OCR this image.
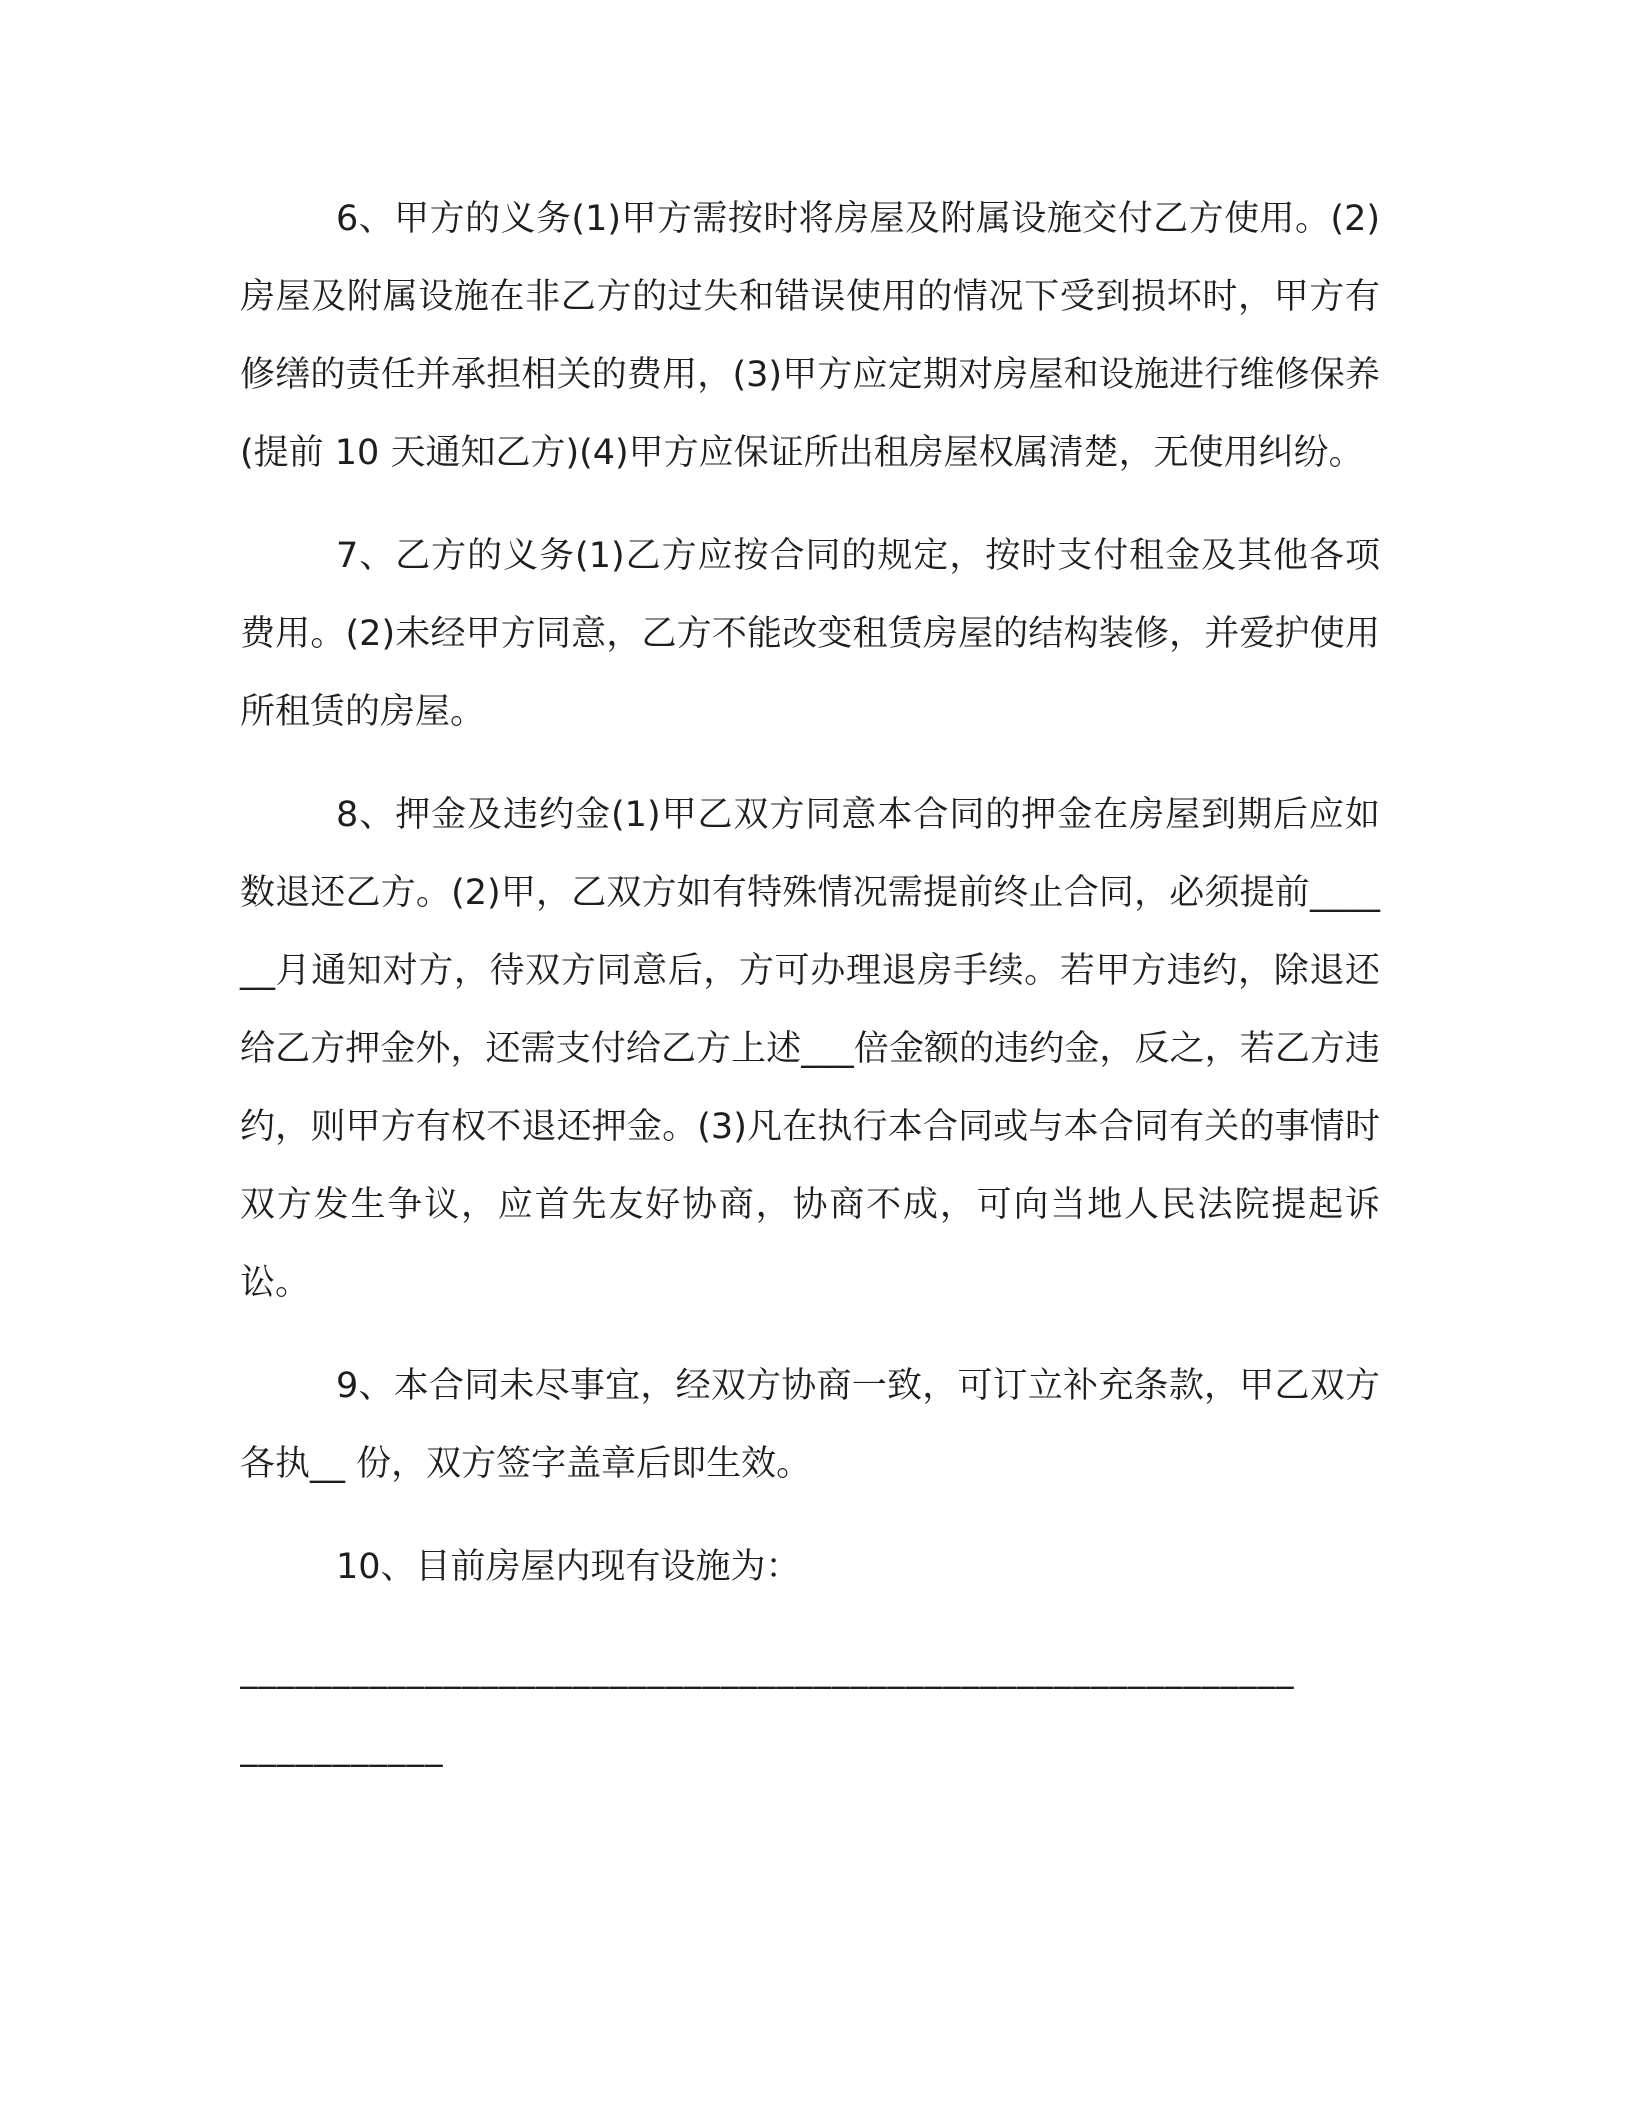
6、甲方的义务(1)甲方需按时将房屋及附属设施交付乙方使用。(2)房屋及附属设施在非乙方的过失和错误使用的情况下受到损坏时，甲方有修缮的责任并承担相关的费用，(3)甲方应定期对房屋和设施进行维修保养(提前 10 天通知乙方)(4)甲方应保证所出租房屋权属清楚，无使用纠纷。

7、乙方的义务(1)乙方应按合同的规定，按时支付租金及其他各项费用。(2)未经甲方同意，乙方不能改变租赁房屋的结构装修，并爱护使用所租赁的房屋。

8、押金及违约金(1)甲乙双方同意本合同的押金在房屋到期后应如数退还乙方。(2)甲，乙双方如有特殊情况需提前终止合同，必须提前______月通知对方，待双方同意后，方可办理退房手续。若甲方违约，除退还给乙方押金外，还需支付给乙方上述___倍金额的违约金，反之，若乙方违约，则甲方有权不退还押金。(3)凡在执行本合同或与本合同有关的事情时双方发生争议，应首先友好协商，协商不成，可向当地人民法院提起诉讼。

9、本合同未尽事宜，经双方协商一致，可订立补充条款，甲乙双方各执__ 份，双方签字盖章后即生效。

10、目前房屋内现有设施为：

_________________________________________________________
___________
